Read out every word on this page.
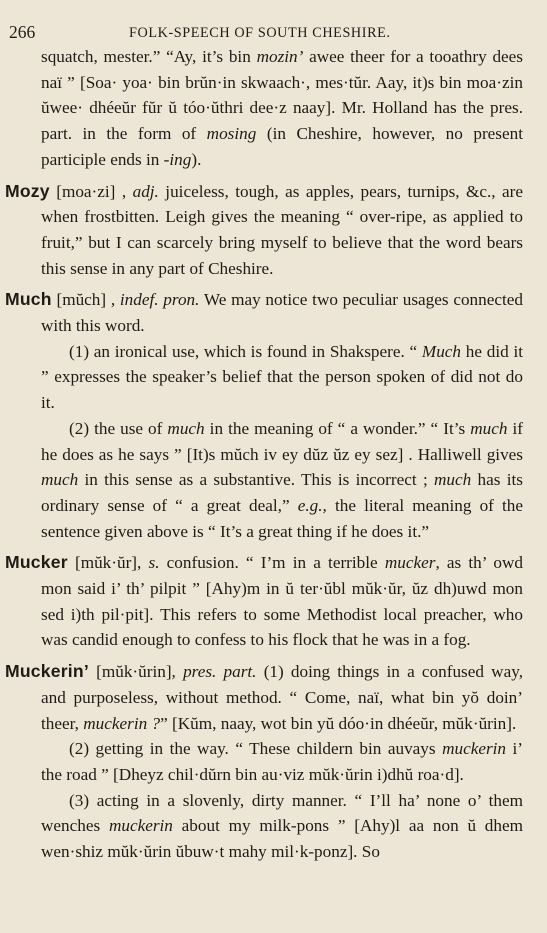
266	FOLK-SPEECH OF SOUTH CHESHIRE.

squatch, mester.” “Ay, it’s bin mozin’ awee theer for a tooathry dees naï ” [Soa· yoa· bin brŭn·in skwaach·, mes·tŭr. Aay, it)s bin moa·zin ŭwee· dhéeŭr fŭr ŭ tóo·ŭthri dee·z naay]. Mr. Holland has the pres. part. in the form of mosing (in Cheshire, however, no present participle ends in -ing).

Mozy [moa·zi] , adj. juiceless, tough, as apples, pears, turnips, &c., are when frostbitten. Leigh gives the meaning “ over-ripe, as applied to fruit,” but I can scarcely bring myself to believe that the word bears this sense in any part of Cheshire.

Much [mŭch] , indef. pron. We may notice two peculiar usages connected with this word.

(1) an ironical use, which is found in Shakspere. “ Much he did it ” expresses the speaker’s belief that the person spoken of did not do it.

(2) the use of much in the meaning of “ a wonder.” “ It’s much if he does as he says ” [It)s mŭch iv ey dŭz ŭz ey sez] . Halliwell gives much in this sense as a substantive. This is incorrect ; much has its ordinary sense of “ a great deal,” e.g., the literal meaning of the sentence given above is “ It’s a great thing if he does it.”

Mucker [mŭk·ŭr], s. confusion. “ I’m in a terrible mucker, as th’ owd mon said i’ th’ pilpit ” [Ahy)m in ŭ ter·ŭbl mŭk·ŭr, ŭz dh)uwd mon sed i)th pil·pit]. This refers to some Methodist local preacher, who was candid enough to confess to his flock that he was in a fog.

Muckerin’ [mŭk·ŭrin], pres. part. (1) doing things in a confused way, and purposeless, without method. “ Come, naï, what bin yŏ doin’ theer, muckerin ?” [Kŭm, naay, wot bin yŭ dóo·in dhéeŭr, mŭk·ŭrin].

(2) getting in the way. “ These childern bin auvays muckerin i’ the road ” [Dheyz chil·dŭrn bin au·viz mŭk·ŭrin i)dhŭ roa·d].

(3) acting in a slovenly, dirty manner. “ I’ll ha’ none o’ them wenches muckerin about my milk-pons ” [Ahy)l aa non ŭ dhem wen·shiz mŭk·ŭrin ŭbuw·t mahy mil·k-ponz]. So
